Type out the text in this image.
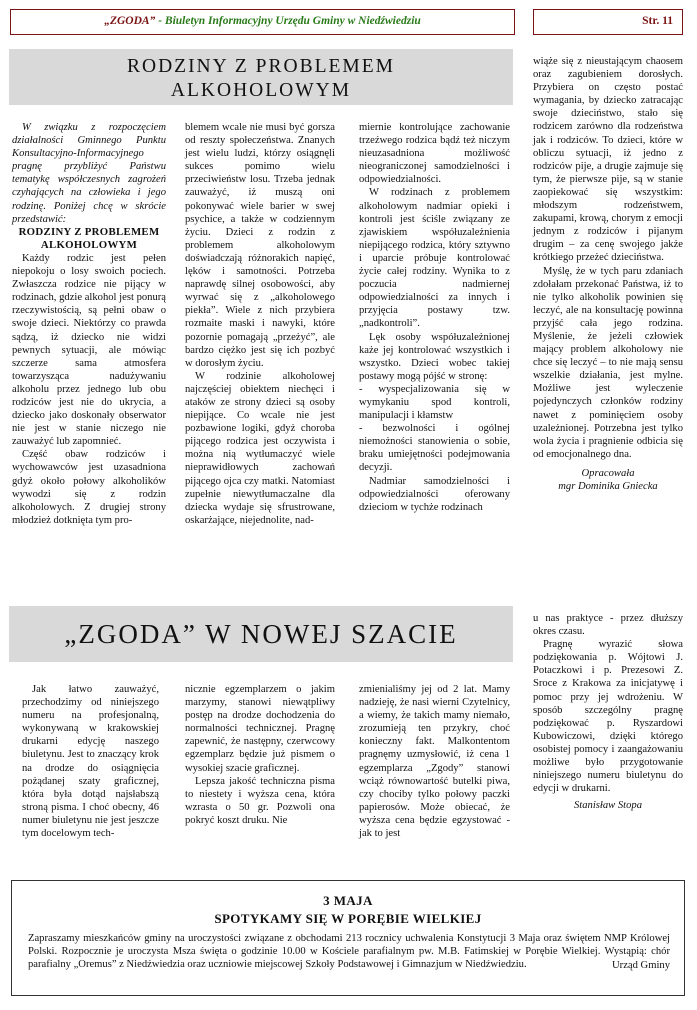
„ZGODA” - Biuletyn Informacyjny Urzędu Gminy w Niedźwiedziu	Str. 11
RODZINY Z PROBLEMEM
ALKOHOLOWYM

W związku z rozpoczęciem działalności Gminnego Punktu Konsultacyjno-Informacyjnego pragnę przybliżyć Państwu tematykę współczesnych zagrożeń czyhających na człowieka i jego rodzinę. Poniżej chcę w skrócie przedstawić:

RODZINY Z PROBLEMEM ALKOHOLOWYM

Każdy rodzic jest pełen niepokoju o losy swoich pociech. Zwłaszcza rodzice nie pijący w rodzinach, gdzie alkohol jest ponurą rzeczywistością, są pełni obaw o swoje dzieci. Niektórzy co prawda sądzą, iż dziecko nie widzi pewnych sytuacji, ale mówiąc szczerze sama atmosfera towarzysząca nadużywaniu alkoholu przez jednego lub obu rodziców jest nie do ukrycia, a dziecko jako doskonały obserwator nie jest w stanie niczego nie zauważyć lub zapomnieć.

Część obaw rodziców i wychowawców jest uzasadniona gdyż około połowy alkoholików wywodzi się z rodzin alkoholowych. Z drugiej strony młodzież dotknięta tym pro-

blemem wcale nie musi być gorsza od reszty społeczeństwa. Znanych jest wielu ludzi, którzy osiągnęli sukces pomimo wielu przeciwieństw losu. Trzeba jednak zauważyć, iż muszą oni pokonywać wiele barier w swej psychice, a także w codziennym życiu. Dzieci z rodzin z problemem alkoholowym doświadczają różnorakich napięć, lęków i samotności. Potrzeba naprawdę silnej osobowości, aby wyrwać się z „alkoholowego piekła”. Wiele z nich przybiera rozmaite maski i nawyki, które pozornie pomagają „przeżyć”, ale bardzo ciężko jest się ich pozbyć w dorosłym życiu.

W rodzinie alkoholowej najczęściej obiektem niechęci i ataków ze strony dzieci są osoby niepijące. Co wcale nie jest pozbawione logiki, gdyż choroba pijącego rodzica jest oczywista i można nią wytłumaczyć wiele nieprawidłowych zachowań pijącego ojca czy matki. Natomiast zupełnie niewytłumaczalne dla dziecka wydaje się sfrustrowane, oskarżające, niejednolite, nad-

miernie kontrolujące zachowanie trzeźwego rodzica bądź też niczym nieuzasadniona możliwość nieograniczonej samodzielności i odpowiedzialności.

W rodzinach z problemem alkoholowym nadmiar opieki i kontroli jest ściśle związany ze zjawiskiem współuzależnienia niepijącego rodzica, który sztywno i uparcie próbuje kontrolować życie całej rodziny. Wynika to z poczucia nadmiernej odpowiedzialności za innych i przyjęcia postawy tzw. „nadkontroli”.

Lęk osoby współuzależnionej każe jej kontrolować wszystkich i wszystko. Dzieci wobec takiej postawy mogą pójść w stronę:

- wyspecjalizowania się w wymykaniu spod kontroli, manipulacji i kłamstw

- bezwolności i ogólnej niemożności stanowienia o sobie, braku umiejętności podejmowania decyzji.

Nadmiar samodzielności i odpowiedzialności oferowany dzieciom w tychże rodzinach

wiąże się z nieustającym chaosem oraz zagubieniem dorosłych. Przybiera on często postać wymagania, by dziecko zatracając swoje dzieciństwo, stało się rodzicem zarówno dla rodzeństwa jak i rodziców. To dzieci, które w obliczu sytuacji, iż jedno z rodziców pije, a drugie zajmuje się tym, że pierwsze pije, są w stanie zaopiekować się wszystkim: młodszym rodzeństwem, zakupami, krową, chorym z emocji jednym z rodziców i pijanym drugim – za cenę swojego jakże krótkiego przeżeć dzieciństwa.

Myślę, że w tych paru zdaniach zdołałam przekonać Państwa, iż to nie tylko alkoholik powinien się leczyć, ale na konsultację powinna przyjść cała jego rodzina. Myślenie, że jeżeli człowiek mający problem alkoholowy nie chce się leczyć – to nie mają sensu wszelkie działania, jest mylne. Możliwe jest wyleczenie pojedynczych członków rodziny nawet z pominięciem osoby uzależnionej. Potrzebna jest tylko wola życia i pragnienie odbicia się od emocjonalnego dna.

Opracowała

mgr Dominika Gniecka

„ZGODA” W NOWEJ SZACIE

Jak łatwo zauważyć, przechodzimy od niniejszego numeru na profesjonalną, wykonywaną w krakowskiej drukarni edycję naszego biuletynu. Jest to znaczący krok na drodze do osiągnięcia pożądanej szaty graficznej, która była dotąd najsłabszą stroną pisma. I choć obecny, 46 numer biuletynu nie jest jeszcze tym docelowym tech-

nicznie egzemplarzem o jakim marzymy, stanowi niewątpliwy postęp na drodze dochodzenia do normalności technicznej. Pragnę zapewnić, że następny, czerwcowy egzemplarz będzie już pismem o wysokiej szacie graficznej.

Lepsza jakość techniczna pisma to niestety i wyższa cena, która wzrasta o 50 gr. Pozwoli ona pokryć koszt druku. Nie

zmienialiśmy jej od 2 lat. Mamy nadzieję, że nasi wierni Czytelnicy, a wiemy, że takich mamy niemało, zrozumieją ten przykry, choć konieczny fakt. Malkontentom pragnęmy uzmysłowić, iż cena 1 egzemplarza „Zgody” stanowi wciąż równowartość butelki piwa, czy chociby tylko połowy paczki papierosów. Może obiecać, że wyższa cena będzie egzystować - jak to jest

u nas praktyce - przez dłuższy okres czasu.

Pragnę wyrazić słowa podziękowania p. Wójtowi J. Potaczkowi i p. Prezesowi Z. Sroce z Krakowa za inicjatywę i pomoc przy jej wdrożeniu. W sposób szczególny pragnę podziękować p. Ryszardowi Kubowiczowi, dzięki którego osobistej pomocy i zaangażowaniu możliwe było przygotowanie niniejszego numeru biuletynu do edycji w drukarni.

Stanisław Stopa

3 MAJA
SPOTYKAMY SIĘ W PORĘBIE WIELKIEJ
Zapraszamy mieszkańców gminy na uroczystości związane z obchodami 213 rocznicy uchwalenia Konstytucji 3 Maja oraz świętem NMP Królowej Polski. Rozpocznie je uroczysta Msza święta o godzinie 10.00 w Kościele parafialnym pw. M.B. Fatimskiej w Porębie Wielkiej. Wystąpią: chór parafialny „Oremus” z Niedźwiedzia oraz uczniowie miejscowej Szkoły Podstawowej i Gimnazjum w Niedźwiedziu.	Urząd Gminy
